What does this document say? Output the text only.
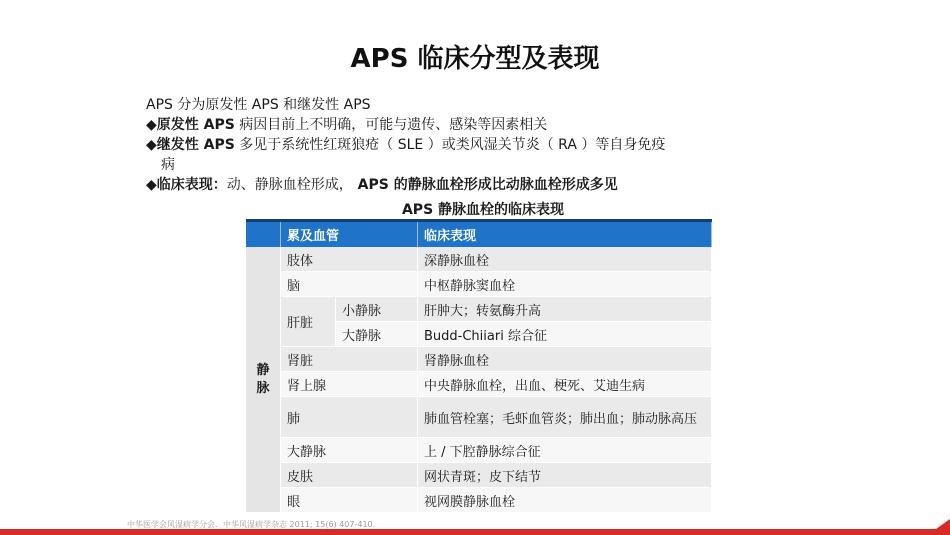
APS 临床分型及表现

APS 分为原发性 APS 和继发性 APS

◆原发性 APS 病因目前上不明确，可能与遗传、感染等因素相关

◆继发性 APS 多见于系统性红斑狼疮（ SLE ）或类风湿关节炎（ RA ）等自身免疫

病

◆临床表现：动、静脉血栓形成， APS 的静脉血栓形成比动脉血栓形成多见

APS 静脉血栓的临床表现
	累及血管		临床表现
静脉	肢体		深静脉血栓
	脑		中枢静脉窦血栓
	肝脏	小静脉	肝肿大；转氨酶升高
		大静脉	Budd-Chiiari 综合征
	肾脏		肾静脉血栓
	肾上腺		中央静脉血栓，出血、梗死、艾迪生病
	肺		肺血管栓塞；毛虾血管炎；肺出血；肺动脉高压
	大静脉		上 / 下腔静脉综合征
	皮肤		网状青斑；皮下结节
	眼		视网膜静脉血栓
中华医学会风湿病学分会．中华风湿病学杂志 2011; 15(6) 407-410.
